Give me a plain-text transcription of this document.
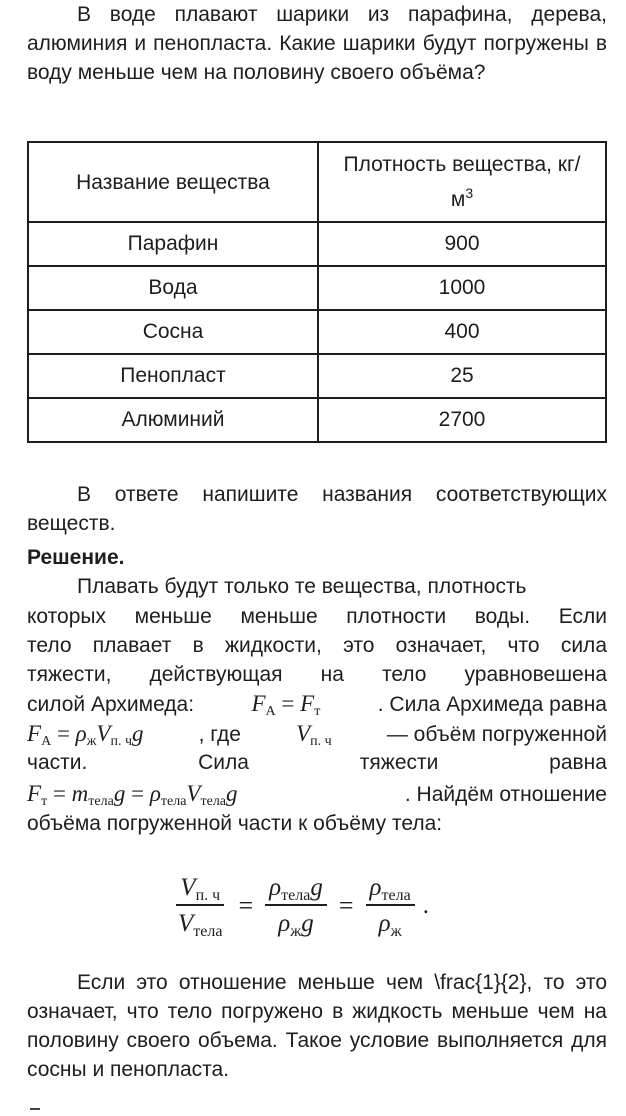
В воде плавают шарики из парафина, дерева, алюминия и пенопласта. Какие шарики будут погружены в воду меньше чем на половину своего объёма?

Название вещества	Плотность вещества, $кг/м^3$
Парафин	900
Вода	1000
Сосна	400
Пенопласт	25
Алюминий	2700

В ответе напишите названия соответствующих веществ.

Решение.
Плавать будут только те вещества, плотность
которых меньше меньше плотности воды. Если
тело плавает в жидкости, это означает, что сила
тяжести, действующая на тело уравновешена
силой Архимеда: $F_A = F_т$	. Сила Архимеда равна
$F_A = \rho_жV_{п. ч}g$	, где $V_{п. ч}$	— объём погруженной
части.	Сила	тяжести	равна
$F_т = m_{тела}g = \rho_{тела}V_{тела}g$	. Найдём отношение
объёма погруженной части к объёму тела:
$\frac{V_{п. ч}}{V_{тела}} = \frac{\rho_{тела}g}{\rho_жg} = \frac{\rho_{тела}}{\rho_ж}$ .

Если это отношение меньше чем \frac{1}{2}, то это означает, что тело погружено в жидкость меньше чем на половину своего объема. Такое условие выполняется для сосны и пенопласта.
